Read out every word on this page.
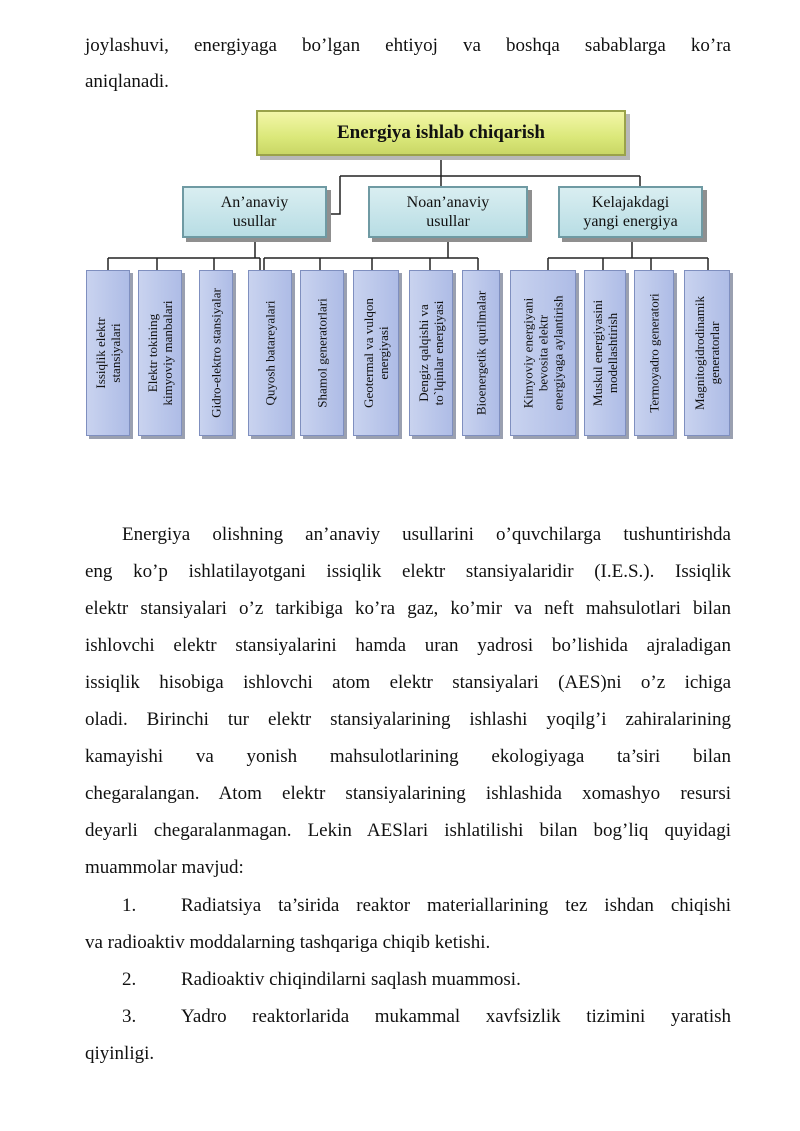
joylashuvi, energiyaga bo’lgan ehtiyoj va boshqa sabablarga ko’ra
aniqlanadi.
Energiya ishlab chiqarish
An’anaviy
usullar
Noan’anaviy
usullar
Kelajakdagi
yangi energiya
Issiqlik elektr stansiyalari Elektr tokining kimyoviy manbalari	Gidro-elektro stansiyalar	Quyosh batareyalari	Shamol generatorlari Geotermal va vulqon energiyasi Dengiz qalqishi va to`lqinlar energiyasi Bioenergetik qurilmalar Kimyoviy energiyani bevosita elektr energiyaga aylantirish Muskul energiyasini modellashtirish Termoyadro generatori Magnitogidrodinamik generatorlar
Energiya olishning an’anaviy usullarini o’quvchilarga tushuntirishda
eng ko’p ishlatilayotgani issiqlik elektr stansiyalaridir (I.E.S.). Issiqlik
elektr stansiyalari o’z tarkibiga ko’ra gaz, ko’mir va neft mahsulotlari bilan
ishlovchi elektr stansiyalarini hamda uran yadrosi bo’lishida ajraladigan
issiqlik hisobiga ishlovchi atom elektr stansiyalari (AES)ni o’z ichiga
oladi. Birinchi tur elektr stansiyalarining ishlashi yoqilg’i zahiralarining
kamayishi va yonish mahsulotlarining ekologiyaga ta’siri bilan
chegaralangan. Atom elektr stansiyalarining ishlashida xomashyo resursi
deyarli chegaralanmagan. Lekin AESlari ishlatilishi bilan bog’liq quyidagi
muammolar mavjud:
1.	Radiatsiya ta’sirida reaktor materiallarining tez ishdan chiqishi
va radioaktiv moddalarning tashqariga chiqib ketishi.
2.	Radioaktiv chiqindilarni saqlash muammosi.
3.	Yadro reaktorlarida mukammal xavfsizlik tizimini yaratish
qiyinligi.
